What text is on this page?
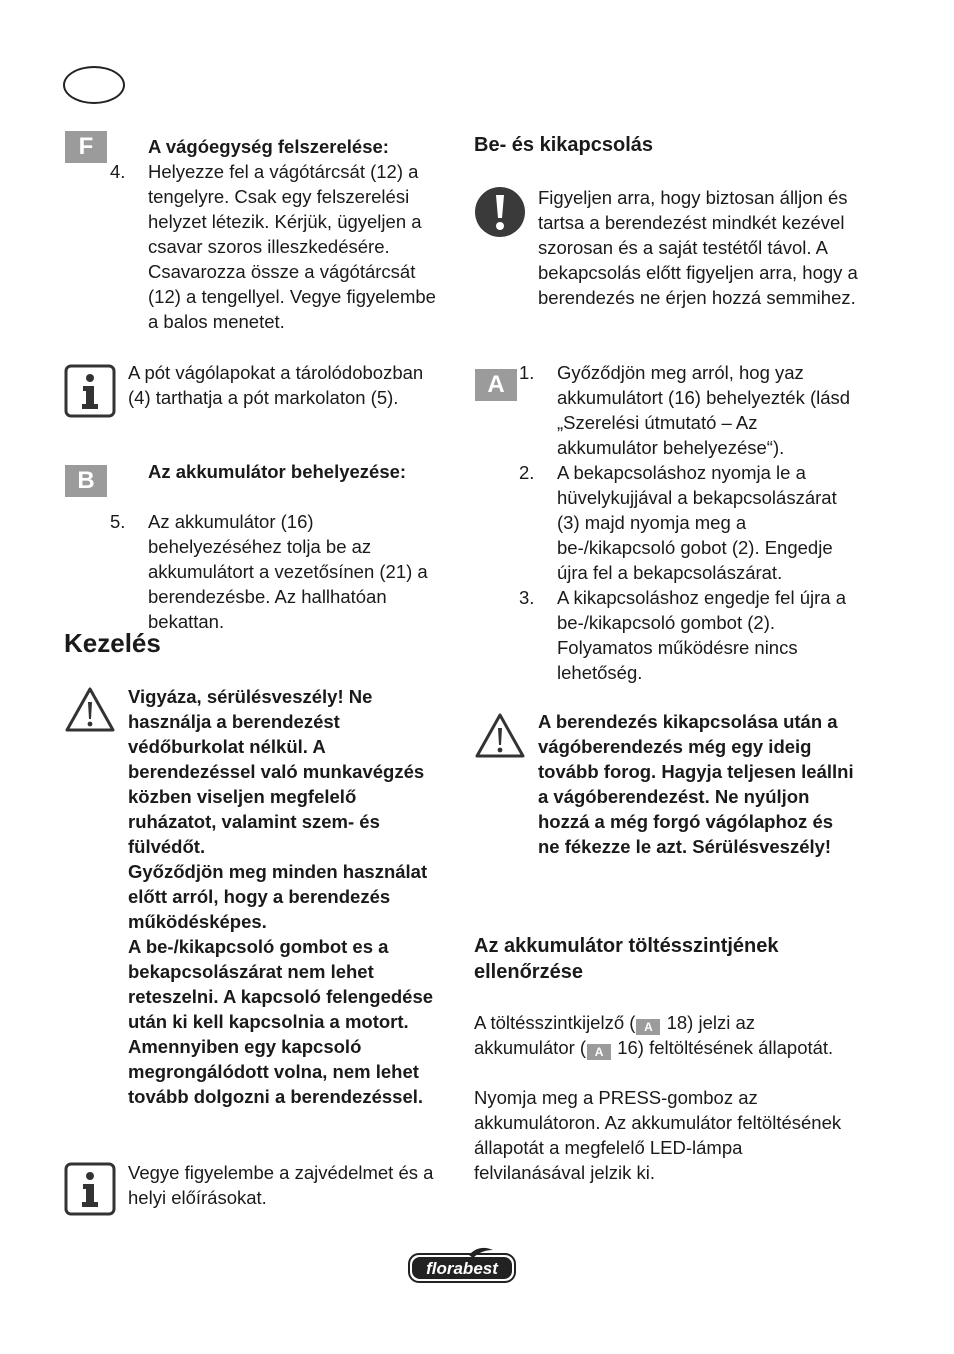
F	A vágóegység felszerelése:
4. Helyezze fel a vágótárcsát (12) a tengelyre. Csak egy felszerelési helyzet létezik. Kérjük, ügyeljen a csavar szoros illeszkedésére. Csavarozza össze a vágótárcsát (12) a tengellyel. Vegye figyelembe a balos menetet.
A pót vágólapokat a tárolódobozban (4) tarthatja a pót markolaton (5).
B	Az akkumulátor behelyezése:
5. Az akkumulátor (16) behelyezéséhez tolja be az akkumulátort a vezetősínen (21) a berendezésbe. Az hallhatóan bekattan.
Kezelés
Vigyáza, sérülésveszély! Ne használja a berendezést védőburkolat nélkül. A berendezéssel való munkavégzés közben viseljen megfelelő ruházatot, valamint szem- és fülvédőt.
Győződjön meg minden használat előtt arról, hogy a berendezés működésképes.
A be-/kikapcsoló gombot es a bekapcsolászárat nem lehet reteszelni. A kapcsoló felengedése után ki kell kapcsolnia a motort. Amennyiben egy kapcsoló megrongálódott volna, nem lehet tovább dolgozni a berendezéssel.
Vegye figyelembe a zajvédelmet és a helyi előírásokat.
Be- és kikapcsolás
Figyeljen arra, hogy biztosan álljon és tartsa a berendezést mindkét kezével szorosan és a saját testétől távol. A bekapcsolás előtt figyeljen arra, hogy a berendezés ne érjen hozzá semmihez.
A 1. Győződjön meg arról, hog yaz akkumulátort (16) behelyezték (lásd „Szerelési útmutató – Az akkumulátor behelyezése“).
2. A bekapcsoláshoz nyomja le a hüvelykujjával a bekapcsolászárat (3) majd nyomja meg a be-/kikapcsoló gobot (2). Engedje újra fel a bekapcsolászárat.
3. A kikapcsoláshoz engedje fel újra a be-/kikapcsoló gombot (2). Folyamatos működésre nincs lehetőség.
A berendezés kikapcsolása után a vágóberendezés még egy ideig tovább forog. Hagyja teljesen leállni a vágóberendezést. Ne nyúljon hozzá a még forgó vágólaphoz és ne fékezze le azt. Sérülésveszély!
Az akkumulátor töltésszintjének ellenőrzése
A töltésszintkijelző ( A 18) jelzi az akkumulátor ( A 16) feltöltésének állapotát.
Nyomja meg a PRESS-gomboz az akkumulátoron. Az akkumulátor feltöltésének állapotát a megfelelő LED-lámpa felvilanásával jelzik ki.
florabest
